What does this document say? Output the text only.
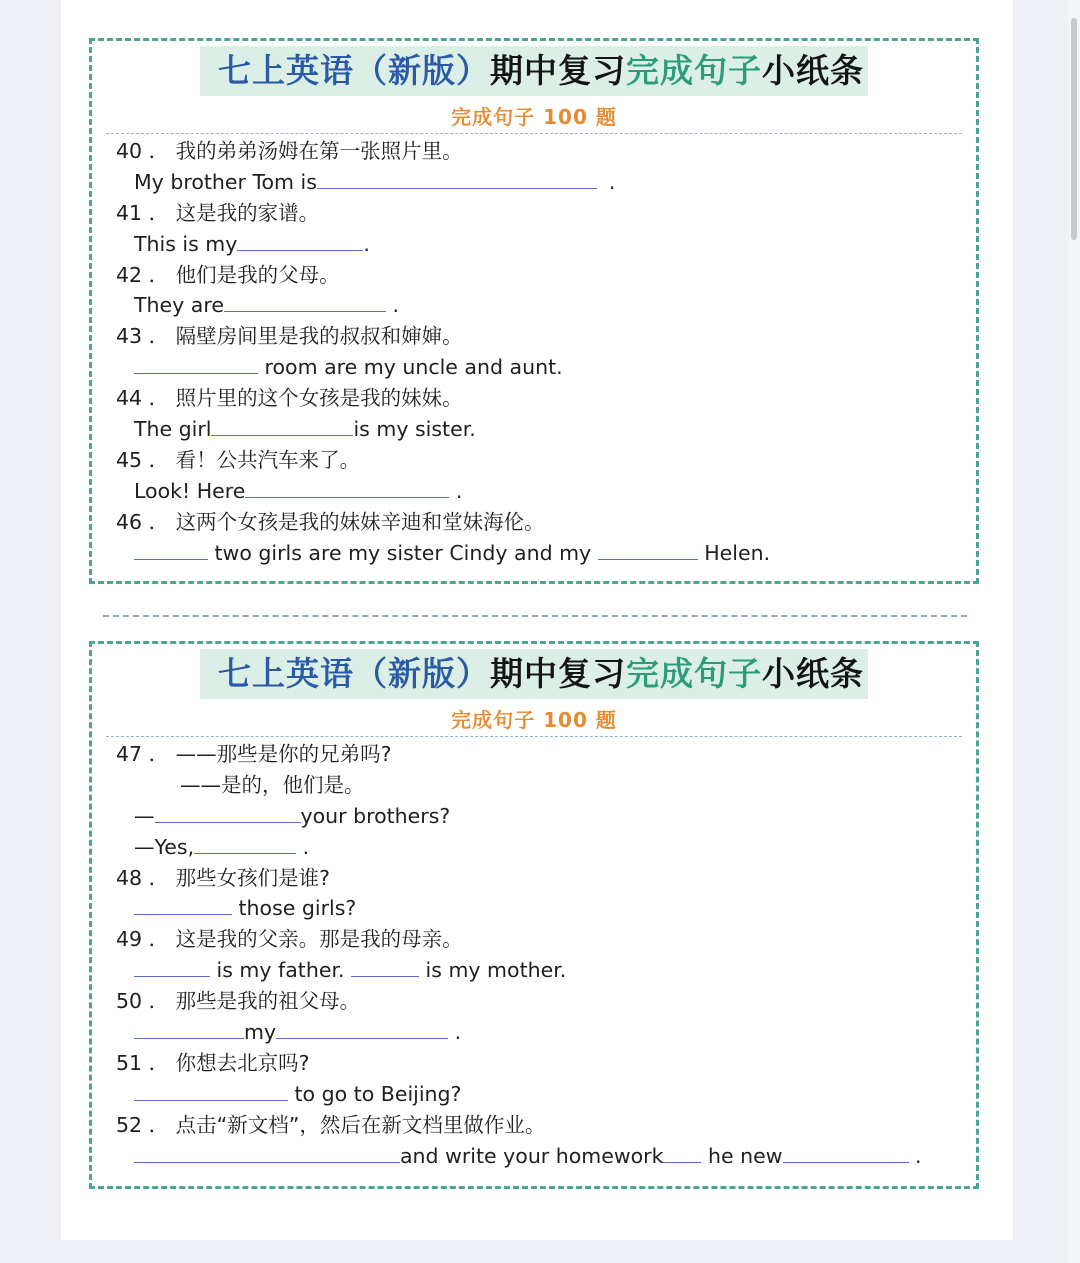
七上英语（新版）期中复习完成句子小纸条
完成句子 100 题
40 ． 我的弟弟汤姆在第一张照片里。
My brother Tom is	.
41 ． 这是我的家谱。
This is my	.
42 ． 他们是我的父母。
They are	.
43 ． 隔壁房间里是我的叔叔和婶婶。
room are my uncle and aunt.
44 ． 照片里的这个女孩是我的妹妹。
The girl	is my sister.
45 ． 看！公共汽车来了。
Look! Here	.
46 ． 这两个女孩是我的妹妹辛迪和堂妹海伦。
two girls are my sister Cindy and my	Helen.
七上英语（新版）期中复习完成句子小纸条
完成句子 100 题
47 ． ——那些是你的兄弟吗?
——是的，他们是。
—	your brothers?
—Yes,	.
48 ． 那些女孩们是谁?
those girls?
49 ． 这是我的父亲。那是我的母亲。
is my father.	is my mother.
50 ． 那些是我的祖父母。
my	.
51 ． 你想去北京吗?
to go to Beijing?
52 ． 点击“新文档”，然后在新文档里做作业。
and write your homework he new	.
